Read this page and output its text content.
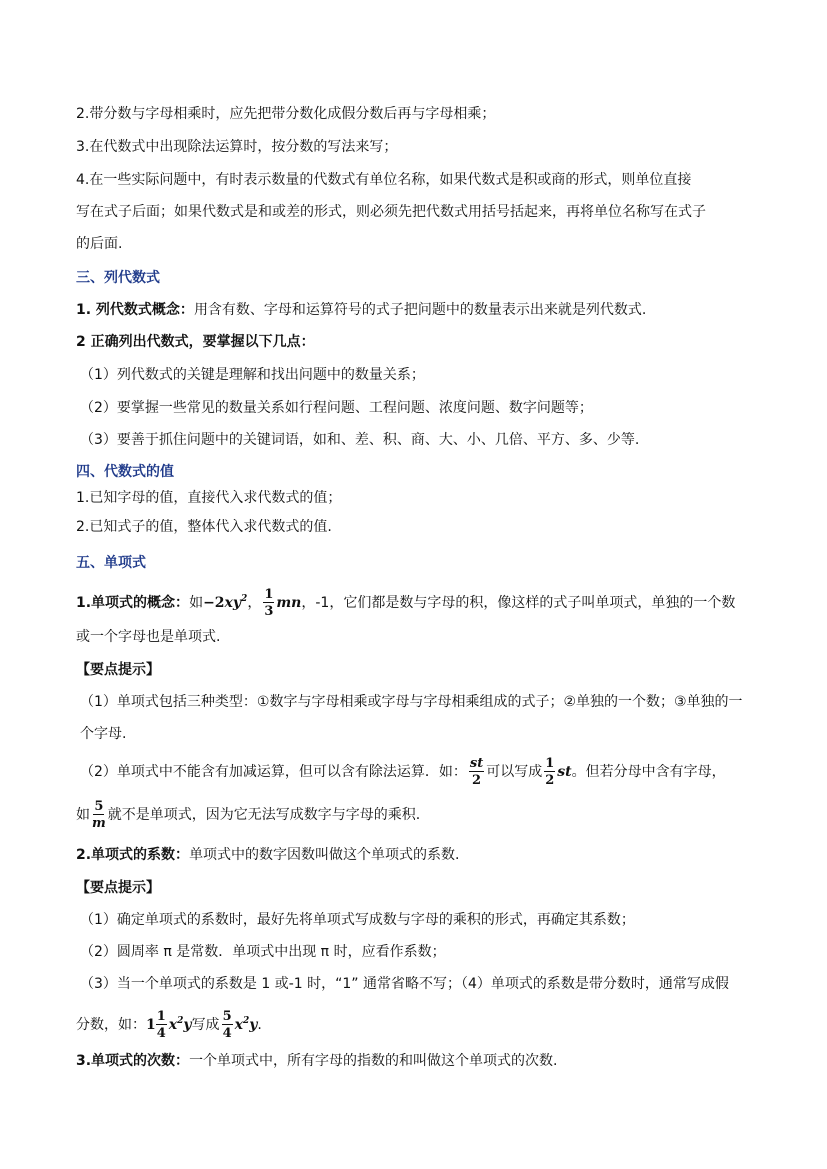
2.带分数与字母相乘时，应先把带分数化成假分数后再与字母相乘；
3.在代数式中出现除法运算时，按分数的写法来写；
4.在一些实际问题中，有时表示数量的代数式有单位名称，如果代数式是积或商的形式，则单位直接
写在式子后面；如果代数式是和或差的形式，则必须先把代数式用括号括起来，再将单位名称写在式子
的后面.
三、列代数式
1. 列代数式概念：用含有数、字母和运算符号的式子把问题中的数量表示出来就是列代数式.
2 正确列出代数式，要掌握以下几点：
（1）列代数式的关键是理解和找出问题中的数量关系；
（2）要掌握一些常见的数量关系如行程问题、工程问题、浓度问题、数字问题等；
（3）要善于抓住问题中的关键词语，如和、差、积、商、大、小、几倍、平方、多、少等.
四、代数式的值
1.已知字母的值，直接代入求代数式的值；
2.已知式子的值，整体代入求代数式的值.
五、单项式
1.单项式的概念：如$-2xy^2$， $\frac{1}{3}$ mn，-1，它们都是数与字母的积，像这样的式子叫单项式，单独的一个数
或一个字母也是单项式.
【要点提示】
（1）单项式包括三种类型：①数字与字母相乘或字母与字母相乘组成的式子；②单独的一个数；③单独的一
个字母.
（2）单项式中不能含有加减运算，但可以含有除法运算．如： $\frac{st}{2}$ 可以写成 $\frac{1}{2}$ st。但若分母中含有字母，
如 $\frac{5}{m}$ 就不是单项式，因为它无法写成数字与字母的乘积.
2.单项式的系数：单项式中的数字因数叫做这个单项式的系数.
【要点提示】
（1）确定单项式的系数时，最好先将单项式写成数与字母的乘积的形式，再确定其系数；
（2）圆周率 π 是常数．单项式中出现 π 时，应看作系数；
（3）当一个单项式的系数是 1 或-1 时，“1” 通常省略不写；（4）单项式的系数是带分数时，通常写成假
分数，如：$1 \frac{1}{4} x^2y$写成 $\frac{5}{4} x^2y$.
3.单项式的次数：一个单项式中，所有字母的指数的和叫做这个单项式的次数.
